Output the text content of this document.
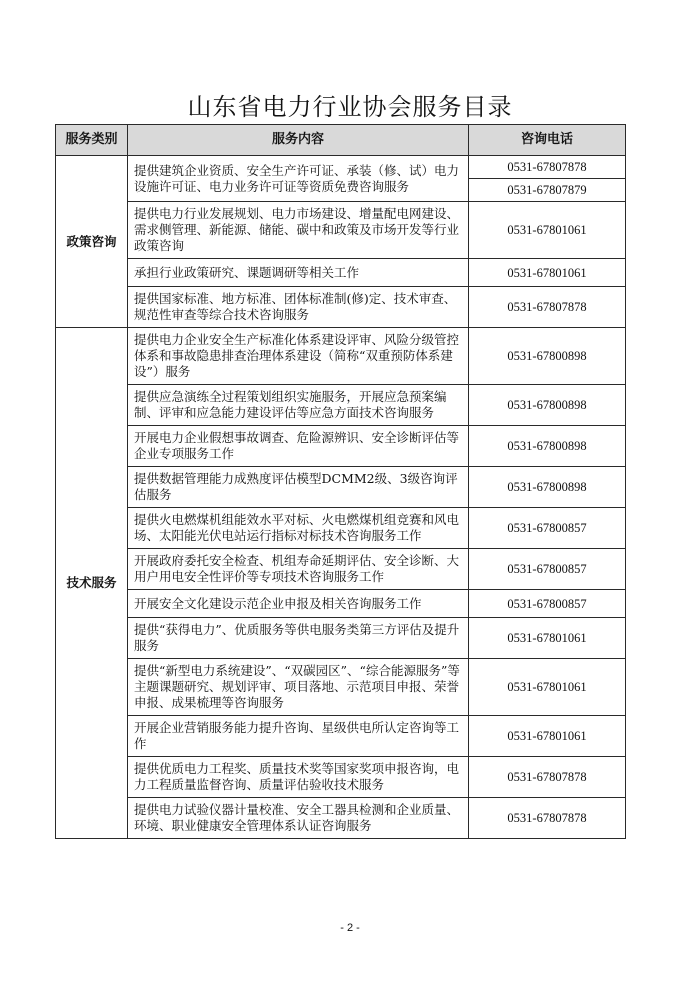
山东省电力行业协会服务目录
服务类别	服务内容	咨询电话
政策咨询	提供建筑企业资质、安全生产许可证、承装（修、试）电力设施许可证、电力业务许可证等资质免费咨询服务	0531-67807878
		0531-67807879
	提供电力行业发展规划、电力市场建设、增量配电网建设、需求侧管理、新能源、储能、碳中和政策及市场开发等行业政策咨询	0531-67801061
	承担行业政策研究、课题调研等相关工作	0531-67801061
	提供国家标准、地方标准、团体标准制(修)定、技术审查、规范性审查等综合技术咨询服务	0531-67807878
技术服务	提供电力企业安全生产标准化体系建设评审、风险分级管控体系和事故隐患排查治理体系建设（简称“双重预防体系建设”）服务	0531-67800898
	提供应急演练全过程策划组织实施服务，开展应急预案编制、评审和应急能力建设评估等应急方面技术咨询服务	0531-67800898
	开展电力企业假想事故调查、危险源辨识、安全诊断评估等企业专项服务工作	0531-67800898
	提供数据管理能力成熟度评估模型DCMM2级、3级咨询评估服务	0531-67800898
	提供火电燃煤机组能效水平对标、火电燃煤机组竞赛和风电场、太阳能光伏电站运行指标对标技术咨询服务工作	0531-67800857
	开展政府委托安全检查、机组寿命延期评估、安全诊断、大用户用电安全性评价等专项技术咨询服务工作	0531-67800857
	开展安全文化建设示范企业申报及相关咨询服务工作	0531-67800857
	提供“获得电力”、优质服务等供电服务类第三方评估及提升服务	0531-67801061
	提供“新型电力系统建设”、“双碳园区”、“综合能源服务”等主题课题研究、规划评审、项目落地、示范项目申报、荣誉申报、成果梳理等咨询服务	0531-67801061
	开展企业营销服务能力提升咨询、星级供电所认定咨询等工作	0531-67801061
	提供优质电力工程奖、质量技术奖等国家奖项申报咨询，电力工程质量监督咨询、质量评估验收技术服务	0531-67807878
	提供电力试验仪器计量校准、安全工器具检测和企业质量、环境、职业健康安全管理体系认证咨询服务	0531-67807878
- 2 -
